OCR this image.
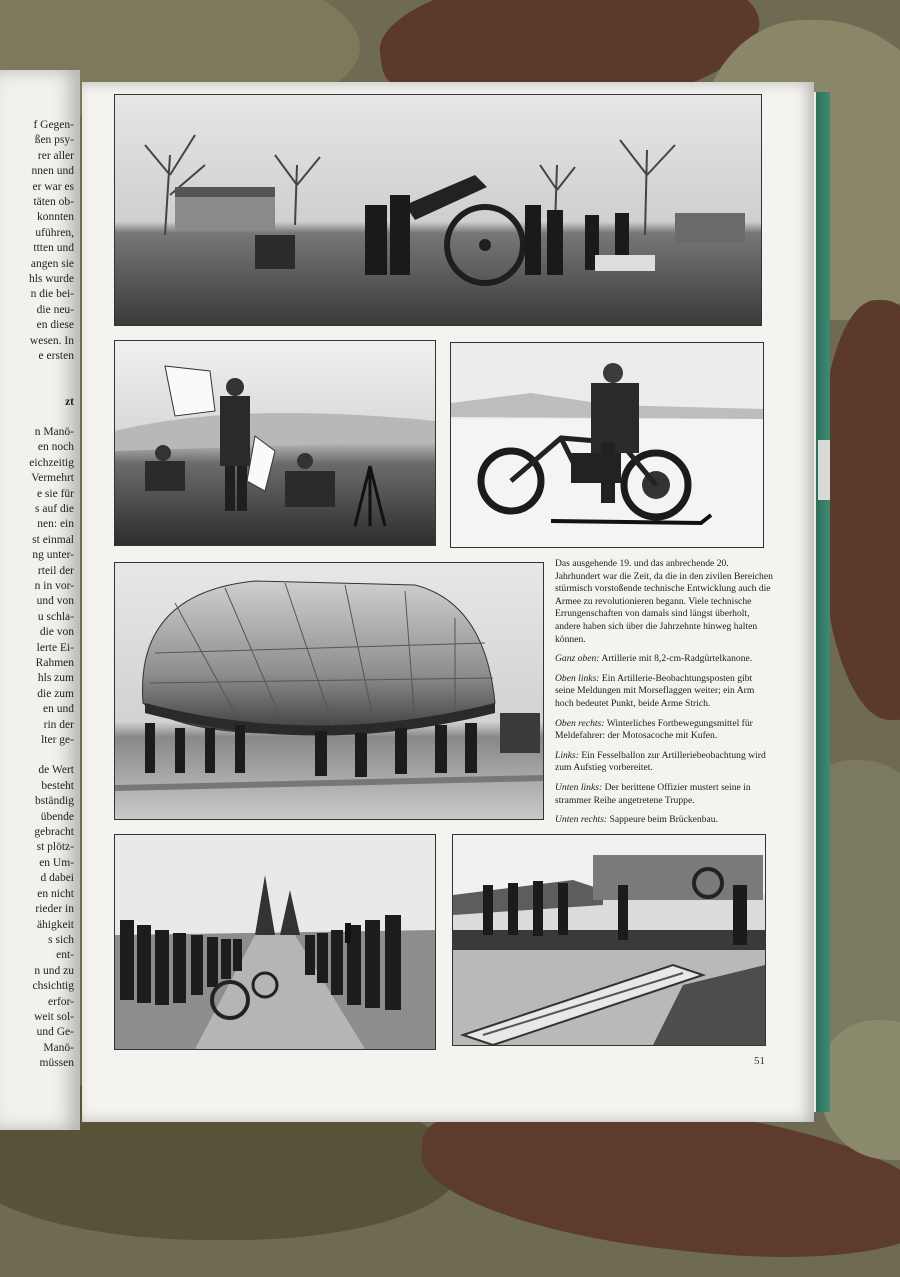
f Gegen-
ßen psy-
rer aller
nnen und
er war es
täten ob-
konnten
uführen,
ttten und
angen sie
hls wurde
n die bei-
die neu-
en diese
wesen. In
e ersten
zt
n Manö-
en noch
eichzeitig
Vermehrt
e sie für
s auf die
nen: ein
st einmal
ng unter-
rteil der
n in vor-
und von
u schla-
die von
lerte Ei-
Rahmen
hls zum
die zum
en und
rin der
lter ge-
de Wert
besteht
bständig
übende
gebracht
st plötz-
en Um-
d dabei
en nicht
rieder in
ähigkeit
s sich
ent-
n und zu
chsichtig
erfor-
weit sol-
und Ge-
Manö-
müssen

Das ausgehende 19. und das anbrechende 20. Jahrhundert war die Zeit, da die in den zivilen Bereichen stürmisch vorstoßende technische Entwicklung auch die Armee zu revolutionieren begann. Viele technische Errungenschaften von damals sind längst überholt, andere haben sich über die Jahrzehnte hinweg halten können.

Ganz oben: Artillerie mit 8,2-cm-Radgürtelkanone.

Oben links: Ein Artillerie-Beobachtungsposten gibt seine Meldungen mit Morseflaggen weiter; ein Arm hoch bedeutet Punkt, beide Arme Strich.

Oben rechts: Winterliches Fortbewegungsmittel für Meldefahrer: der Motosacoche mit Kufen.

Links: Ein Fesselballon zur Artilleriebeobachtung wird zum Aufstieg vorbereitet.

Unten links: Der berittene Offizier mustert seine in strammer Reihe angetretene Truppe.

Unten rechts: Sappeure beim Brückenbau.

51
